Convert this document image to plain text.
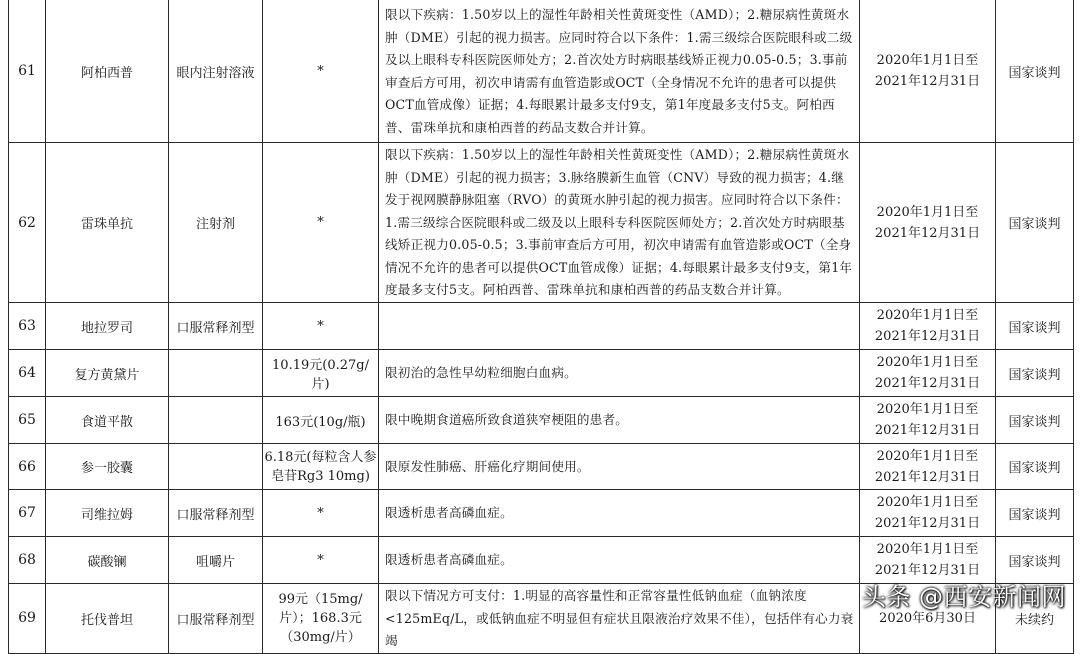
61	阿柏西普	眼内注射溶液	*	限以下疾病：1.50岁以上的湿性年龄相关性黄斑变性（AMD）；2.糖尿病性黄斑水肿（DME）引起的视力损害。应同时符合以下条件：1.需三级综合医院眼科或二级及以上眼科专科医院医师处方；2.首次处方时病眼基线矫正视力0.05-0.5；3.事前审查后方可用，初次申请需有血管造影或OCT（全身情况不允许的患者可以提供OCT血管成像）证据；4.每眼累计最多支付9支，第1年度最多支付5支。阿柏西普、雷珠单抗和康柏西普的药品支数合并计算。	2020年1月1日至
2021年12月31日	国家谈判
62	雷珠单抗	注射剂	*	限以下疾病：1.50岁以上的湿性年龄相关性黄斑变性（AMD）；2.糖尿病性黄斑水肿（DME）引起的视力损害；3.脉络膜新生血管（CNV）导致的视力损害；4.继发于视网膜静脉阻塞（RVO）的黄斑水肿引起的视力损害。应同时符合以下条件：1.需三级综合医院眼科或二级及以上眼科专科医院医师处方；2.首次处方时病眼基线矫正视力0.05-0.5；3.事前审查后方可用，初次申请需有血管造影或OCT（全身情况不允许的患者可以提供OCT血管成像）证据；4.每眼累计最多支付9支，第1年度最多支付5支。阿柏西普、雷珠单抗和康柏西普的药品支数合并计算。	2020年1月1日至
2021年12月31日	国家谈判
63	地拉罗司	口服常释剂型	*		2020年1月1日至
2021年12月31日	国家谈判
64	复方黄黛片		10.19元(0.27g/片)	限初治的急性早幼粒细胞白血病。	2020年1月1日至
2021年12月31日	国家谈判
65	食道平散		163元(10g/瓶)	限中晚期食道癌所致食道狭窄梗阻的患者。	2020年1月1日至
2021年12月31日	国家谈判
66	参一胶囊		6.18元(每粒含人参皂苷Rg3 10mg)	限原发性肺癌、肝癌化疗期间使用。	2020年1月1日至
2021年12月31日	国家谈判
67	司维拉姆	口服常释剂型	*	限透析患者高磷血症。	2020年1月1日至
2021年12月31日	国家谈判
68	碳酸镧	咀嚼片	*	限透析患者高磷血症。	2020年1月1日至
2021年12月31日	国家谈判
69	托伐普坦	口服常释剂型	99元（15mg/片）；168.3元（30mg/片）	限以下情况方可支付：1.明显的高容量性和正常容量性低钠血症（血钠浓度<125mEq/L，或低钠血症不明显但有症状且限液治疗效果不佳），包括伴有心力衰竭	2020年6月30日	未续约
头条 @西安新闻网
